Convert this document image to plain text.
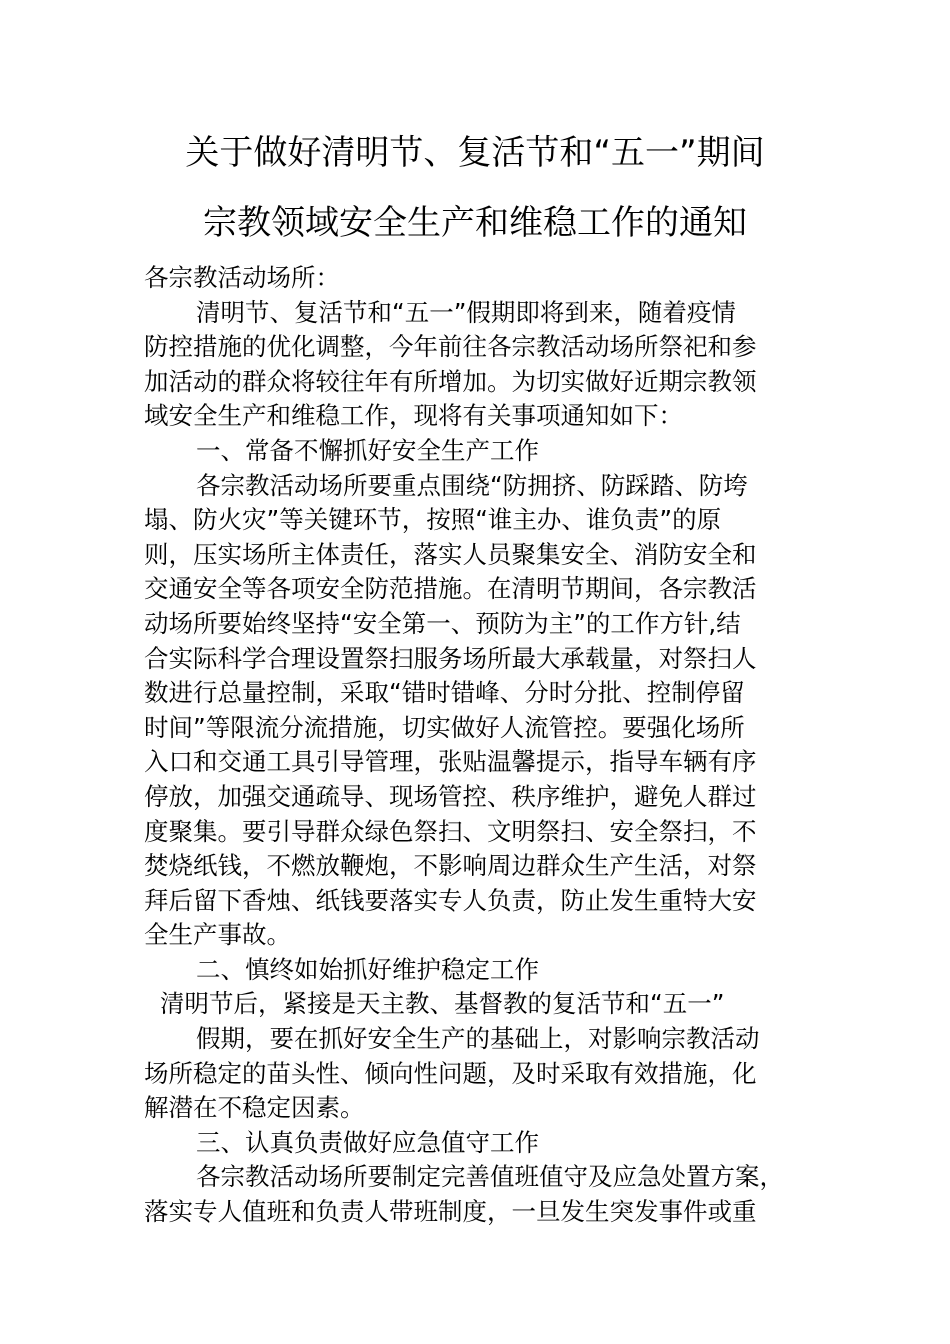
关于做好清明节、复活节和“五一”期间
宗教领域安全生产和维稳工作的通知
各宗教活动场所：
清明节、复活节和“五一”假期即将到来，随着疫情
防控措施的优化调整，今年前往各宗教活动场所祭祀和参
加活动的群众将较往年有所增加。为切实做好近期宗教领
域安全生产和维稳工作，现将有关事项通知如下：
一、常备不懈抓好安全生产工作
各宗教活动场所要重点围绕“防拥挤、防踩踏、防垮
塌、防火灾”等关键环节，按照“谁主办、谁负责”的原
则，压实场所主体责任，落实人员聚集安全、消防安全和
交通安全等各项安全防范措施。在清明节期间，各宗教活
动场所要始终坚持“安全第一、预防为主”的工作方针,结
合实际科学合理设置祭扫服务场所最大承载量，对祭扫人
数进行总量控制，采取“错时错峰、分时分批、控制停留
时间”等限流分流措施，切实做好人流管控。要强化场所
入口和交通工具引导管理，张贴温馨提示，指导车辆有序
停放，加强交通疏导、现场管控、秩序维护，避免人群过
度聚集。要引导群众绿色祭扫、文明祭扫、安全祭扫，不
焚烧纸钱，不燃放鞭炮，不影响周边群众生产生活，对祭
拜后留下香烛、纸钱要落实专人负责，防止发生重特大安
全生产事故。
二、慎终如始抓好维护稳定工作
清明节后，紧接是天主教、基督教的复活节和“五一”
假期，要在抓好安全生产的基础上，对影响宗教活动
场所稳定的苗头性、倾向性问题，及时采取有效措施，化
解潜在不稳定因素。
三、认真负责做好应急值守工作
各宗教活动场所要制定完善值班值守及应急处置方案，
落实专人值班和负责人带班制度，一旦发生突发事件或重
